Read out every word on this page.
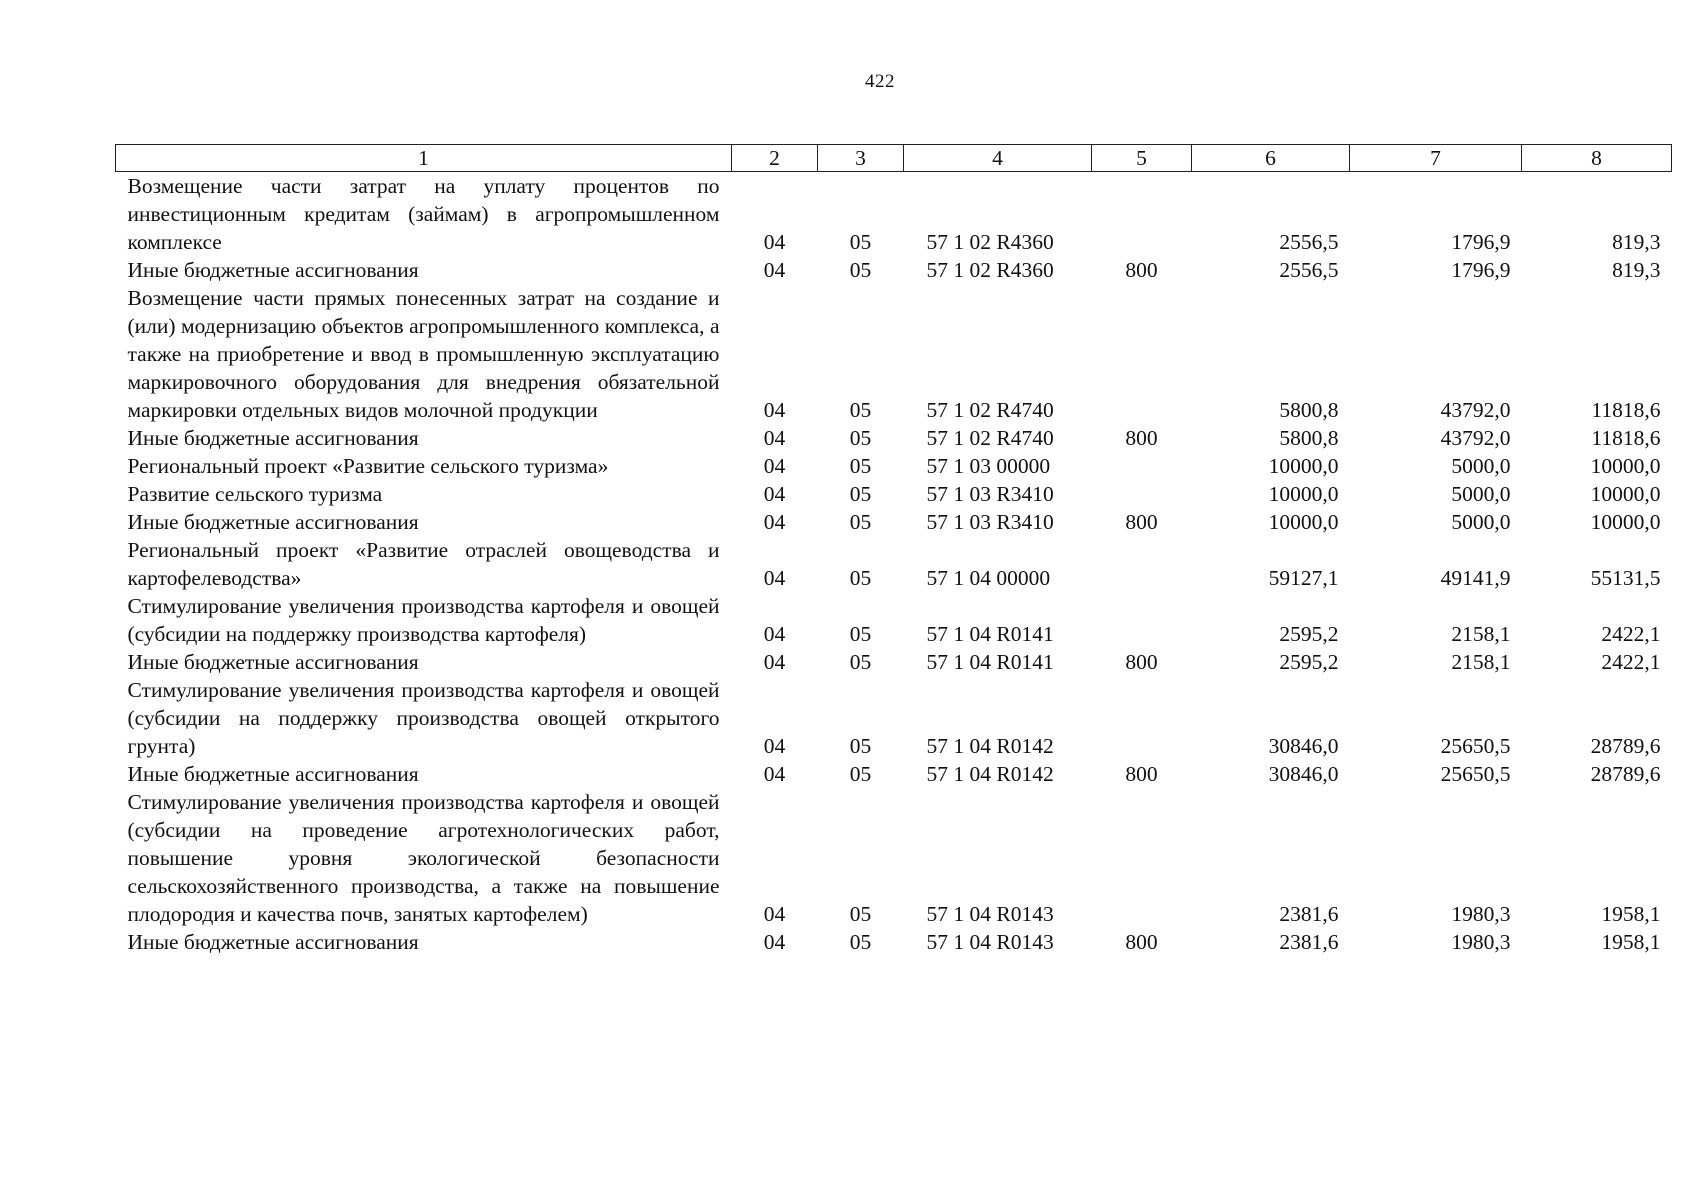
422
1	2	3	4	5	6	7	8
Возмещение части затрат на уплату процентов по инвестиционным кредитам (займам) в агропромышленном комплексе	04	05	57 1 02 R4360		2556,5	1796,9	819,3
Иные бюджетные ассигнования	04	05	57 1 02 R4360	800	2556,5	1796,9	819,3
Возмещение части прямых понесенных затрат на создание и (или) модернизацию объектов агропромышленного комплекса, а также на приобретение и ввод в промышленную эксплуатацию маркировочного оборудования для внедрения обязательной маркировки отдельных видов молочной продукции	04	05	57 1 02 R4740		5800,8	43792,0	11818,6
Иные бюджетные ассигнования	04	05	57 1 02 R4740	800	5800,8	43792,0	11818,6
Региональный проект «Развитие сельского туризма»	04	05	57 1 03 00000		10000,0	5000,0	10000,0
Развитие сельского туризма	04	05	57 1 03 R3410		10000,0	5000,0	10000,0
Иные бюджетные ассигнования	04	05	57 1 03 R3410	800	10000,0	5000,0	10000,0
Региональный проект «Развитие отраслей овощеводства и картофелеводства»	04	05	57 1 04 00000		59127,1	49141,9	55131,5
Стимулирование увеличения производства картофеля и овощей (субсидии на поддержку производства картофеля)	04	05	57 1 04 R0141		2595,2	2158,1	2422,1
Иные бюджетные ассигнования	04	05	57 1 04 R0141	800	2595,2	2158,1	2422,1
Стимулирование увеличения производства картофеля и овощей (субсидии на поддержку производства овощей открытого грунта)	04	05	57 1 04 R0142		30846,0	25650,5	28789,6
Иные бюджетные ассигнования	04	05	57 1 04 R0142	800	30846,0	25650,5	28789,6
Стимулирование увеличения производства картофеля и овощей (субсидии на проведение агротехнологических работ, повышение уровня экологической безопасности сельскохозяйственного производства, а также на повышение плодородия и качества почв, занятых картофелем)	04	05	57 1 04 R0143		2381,6	1980,3	1958,1
Иные бюджетные ассигнования	04	05	57 1 04 R0143	800	2381,6	1980,3	1958,1
